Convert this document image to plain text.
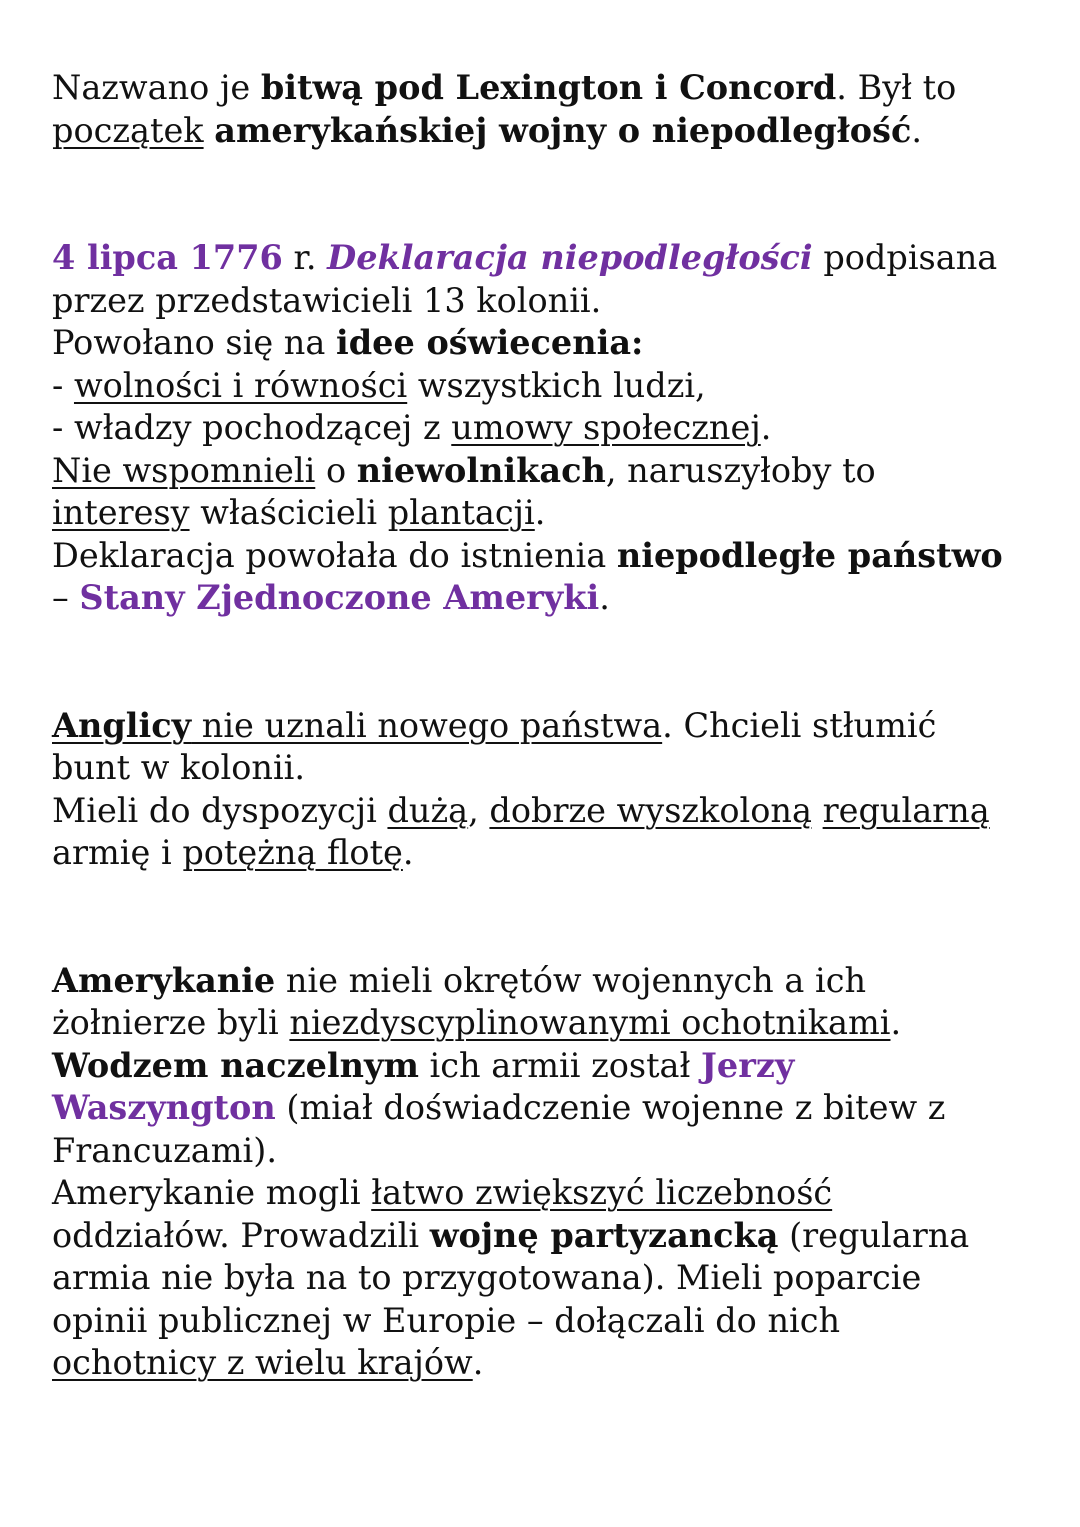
Nazwano je bitwą pod Lexington i Concord . Był to
początek
amerykańskiej wojny o niepodległość .
4 lipca 1776 r. Deklaracja niepodległości podpisana
przez przedstawicieli 13 kolonii.
Powołano się na idee oświecenia:
- wolności i równości wszystkich ludzi,
- władzy pochodzącej z umowy społecznej .
Nie wspomnieli o niewolnikach , naruszyłoby to
interesy właścicieli plantacji .
Deklaracja powołała do istnienia niepodległe państwo
– Stany Zjednoczone Ameryki .
Anglicy nie uznali nowego państwa . Chcieli stłumić
bunt w kolonii.
Mieli do dyspozycji dużą , dobrze wyszkoloną
regularną
armię i potężną flotę .
Amerykanie nie mieli okrętów wojennych a ich
żołnierze byli niezdyscyplinowanymi ochotnikami .
Wodzem naczelnym ich armii został Jerzy
Waszyngton (miał doświadczenie wojenne z bitew z
Francuzami).
Amerykanie mogli łatwo zwiększyć liczebność
oddziałów. Prowadzili wojnę partyzancką (regularna
armia nie była na to przygotowana). Mieli poparcie
opinii publicznej w Europie – dołączali do nich
ochotnicy z wielu krajów .
